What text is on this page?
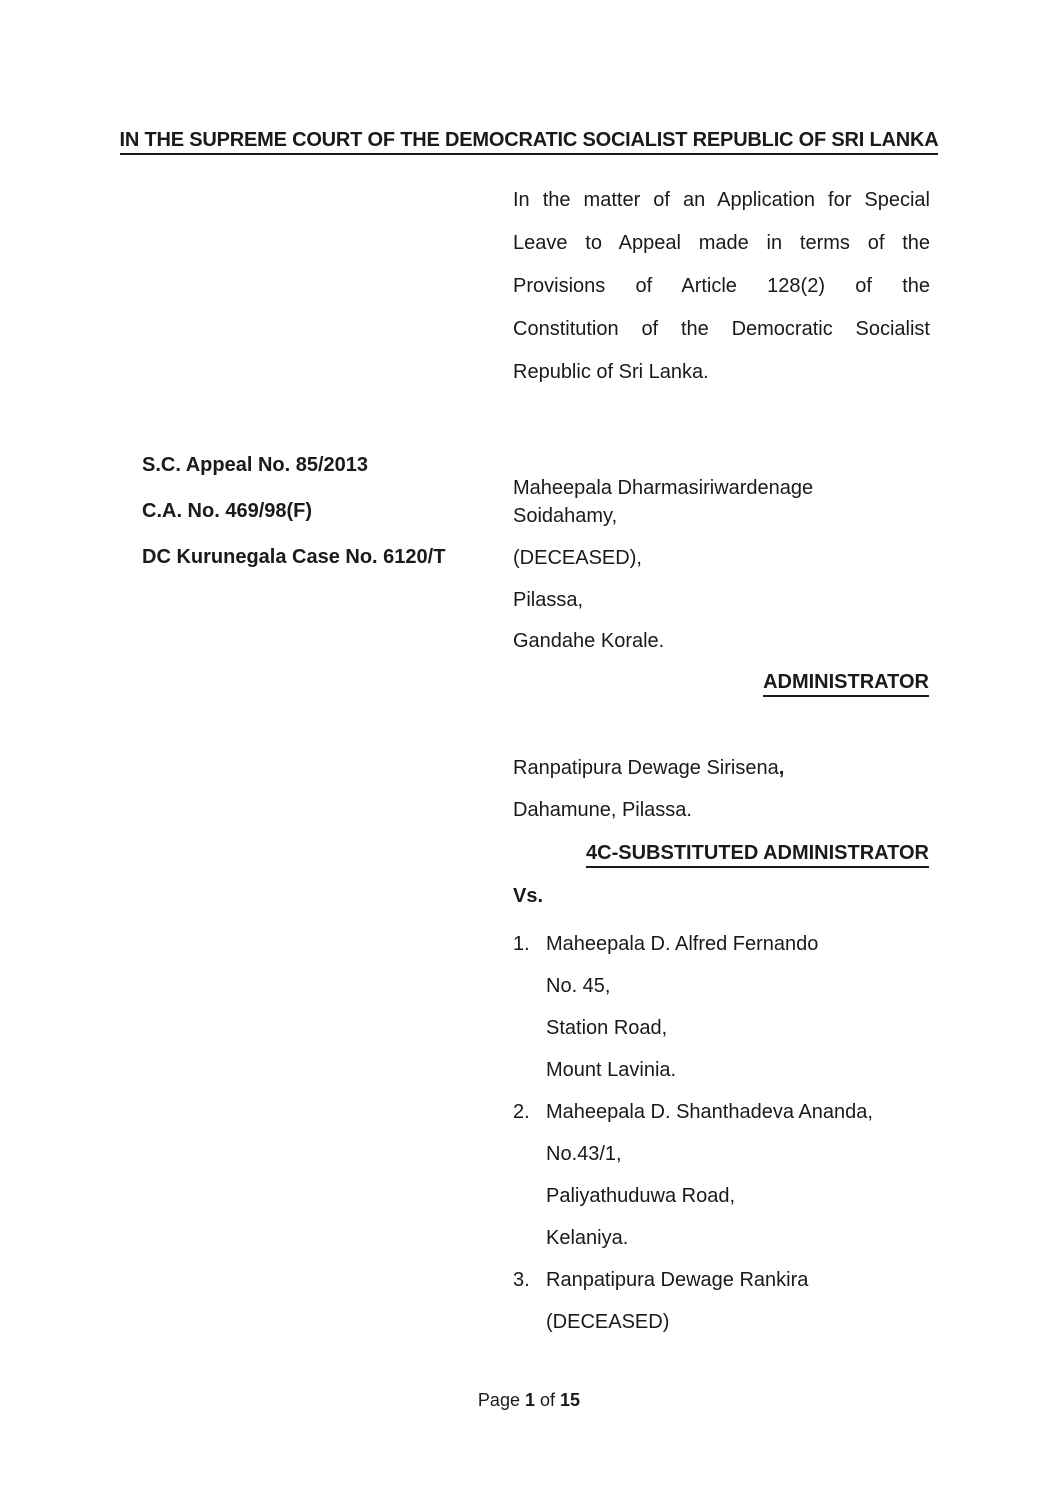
IN THE SUPREME COURT OF THE DEMOCRATIC SOCIALIST REPUBLIC OF SRI LANKA
In the matter of an Application for Special
Leave to Appeal made in terms of the
Provisions of Article 128(2) of the
Constitution of the Democratic Socialist
Republic of Sri Lanka.
S.C. Appeal No. 85/2013
C.A. No. 469/98(F)
DC Kurunegala Case No. 6120/T
Maheepala Dharmasiriwardenage
Soidahamy,
(DECEASED),
Pilassa,
Gandahe Korale.
ADMINISTRATOR
Ranpatipura Dewage Sirisena,
Dahamune, Pilassa.
4C-SUBSTITUTED ADMINISTRATOR
Vs.
1. Maheepala D. Alfred Fernando
No. 45,
Station Road,
Mount Lavinia.
2. Maheepala D. Shanthadeva Ananda,
No.43/1,
Paliyathuduwa Road,
Kelaniya.
3. Ranpatipura Dewage Rankira
(DECEASED)
Page 1 of 15
